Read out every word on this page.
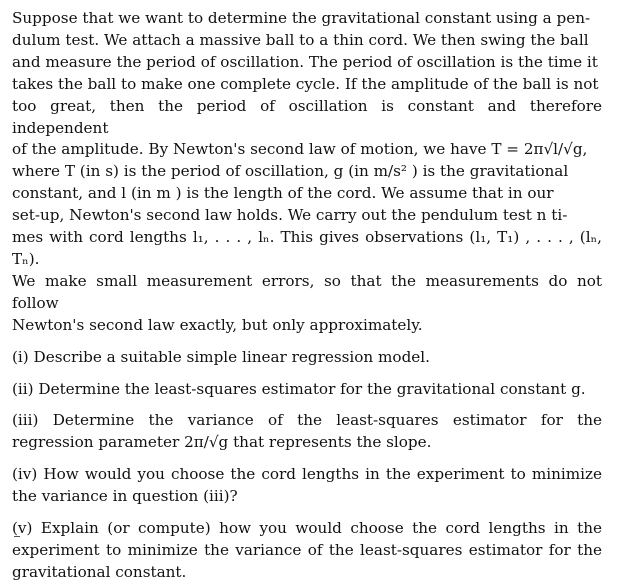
Suppose that we want to determine the gravitational constant using a pen-
dulum test. We attach a massive ball to a thin cord. We then swing the ball
and measure the period of oscillation. The period of oscillation is the time it
takes the ball to make one complete cycle. If the amplitude of the ball is not
too great, then the period of oscillation is constant and therefore independent
of the amplitude. By Newton's second law of motion, we have T = 2π√l/√g,
where T (in s) is the period of oscillation, g (in m/s² ) is the gravitational
constant, and l (in m ) is the length of the cord. We assume that in our
set-up, Newton's second law holds. We carry out the pendulum test n ti-
mes with cord lengths l₁, . . . , lₙ. This gives observations (l₁, T₁) , . . . , (lₙ, Tₙ).
We make small measurement errors, so that the measurements do not follow
Newton's second law exactly, but only approximately.
(i) Describe a suitable simple linear regression model.
(ii) Determine the least-squares estimator for the gravitational constant g.
(iii) Determine the variance of the least-squares estimator for the regression parameter 2π/√g that represents the slope.
(iv) How would you choose the cord lengths in the experiment to minimize the variance in question (iii)?
(v) Explain (or compute) how you would choose the cord lengths in the experiment to minimize the variance of the least-squares estimator for the gravitational constant.
